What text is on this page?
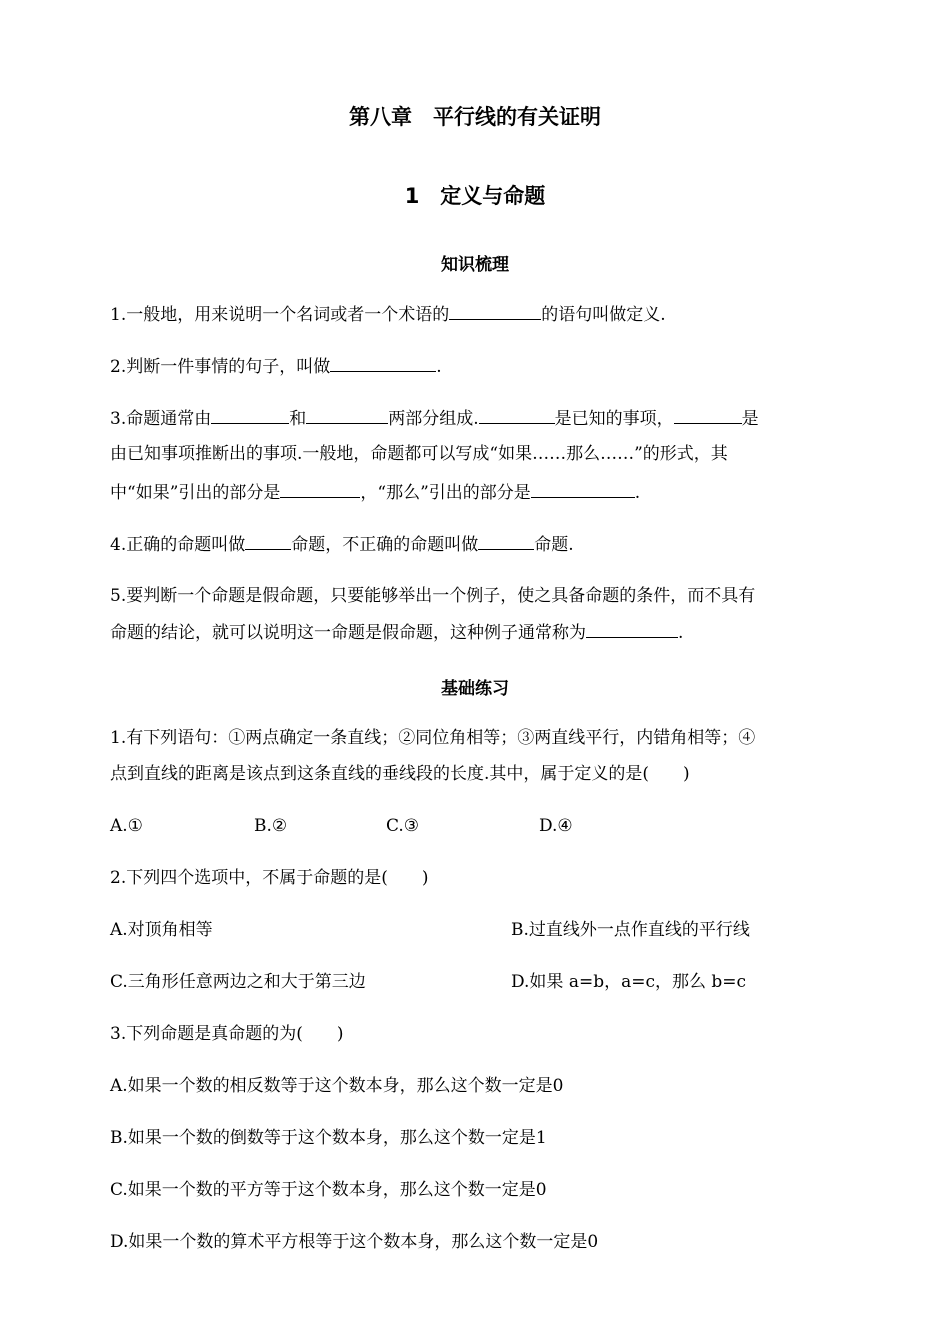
第八章　平行线的有关证明
1　定义与命题
知识梳理
1.一般地，用来说明一个名词或者一个术语的	的语句叫做定义.
2.判断一件事情的句子，叫做	.
3.命题通常由	和	两部分组成.	是已知的事项，	是
由已知事项推断出的事项.一般地，命题都可以写成“如果……那么……”的形式，其
中“如果”引出的部分是	，“那么”引出的部分是	.
4.正确的命题叫做	命题，不正确的命题叫做	命题.
5.要判断一个命题是假命题，只要能够举出一个例子，使之具备命题的条件，而不具有
命题的结论，就可以说明这一命题是假命题，这种例子通常称为	.
基础练习
1.有下列语句：①两点确定一条直线；②同位角相等；③两直线平行，内错角相等；④
点到直线的距离是该点到这条直线的垂线段的长度.其中，属于定义的是(　　)
A.①	B.②	C.③	D.④
2.下列四个选项中，不属于命题的是(　　)
A.对顶角相等	B.过直线外一点作直线的平行线
C.三角形任意两边之和大于第三边	D.如果 a=b，a=c，那么 b=c
3.下列命题是真命题的为(　　)
A.如果一个数的相反数等于这个数本身，那么这个数一定是0
B.如果一个数的倒数等于这个数本身，那么这个数一定是1
C.如果一个数的平方等于这个数本身，那么这个数一定是0
D.如果一个数的算术平方根等于这个数本身，那么这个数一定是0
